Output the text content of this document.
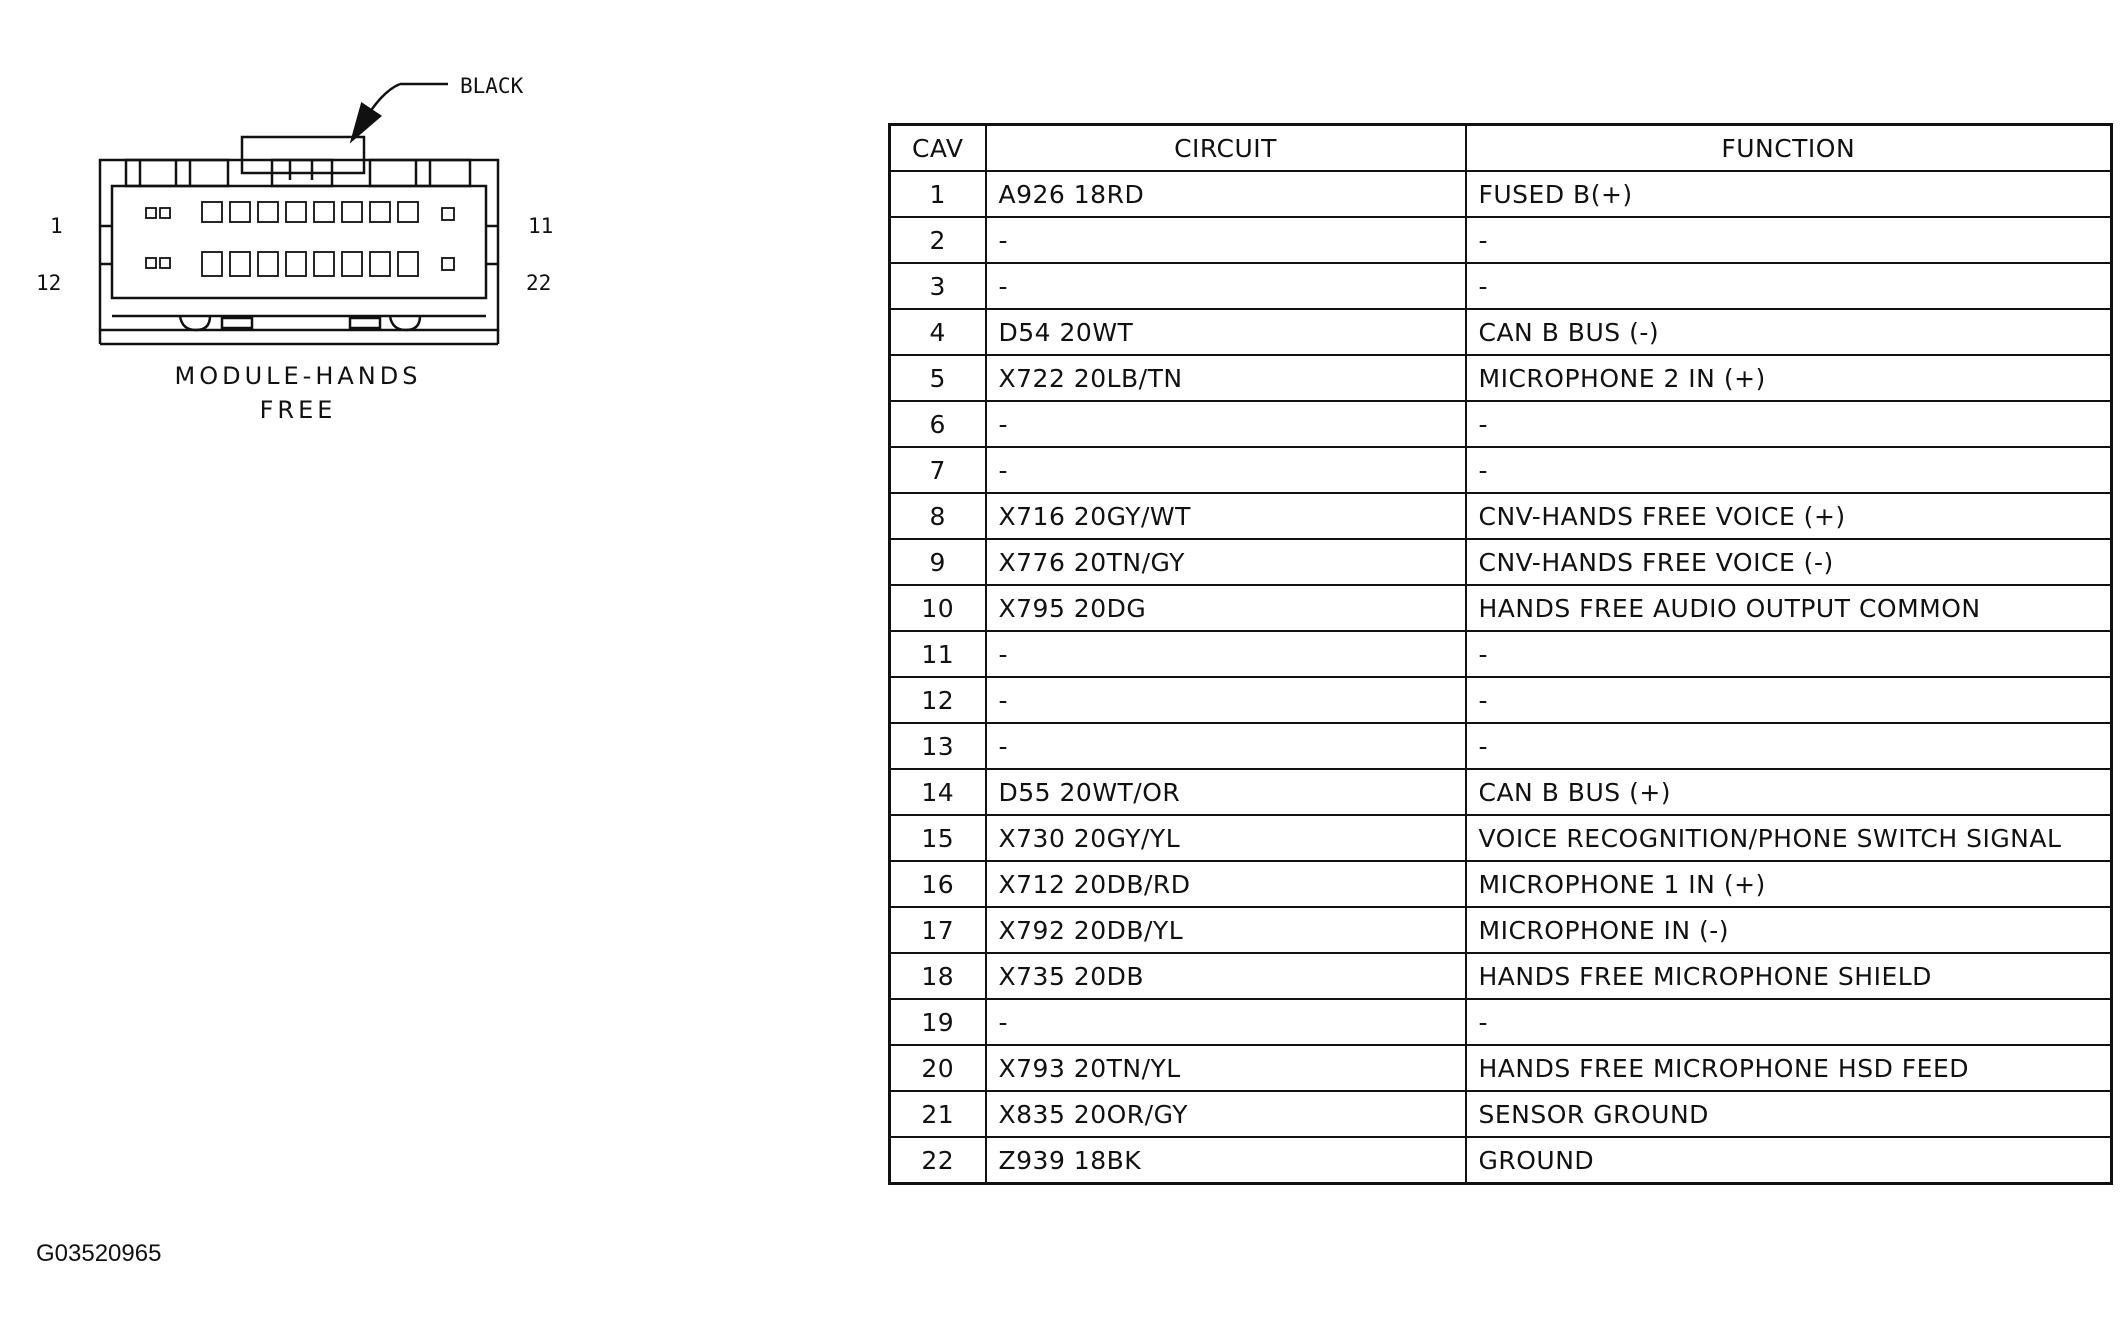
BLACK
1	11
12	22
MODULE-HANDS
FREE
CAV	CIRCUIT	FUNCTION
1	A926 18RD	FUSED B(+)
2	-	-
3	-	-
4	D54 20WT	CAN B BUS (-)
5	X722 20LB/TN	MICROPHONE 2 IN (+)
6	-	-
7	-	-
8	X716 20GY/WT	CNV-HANDS FREE VOICE (+)
9	X776 20TN/GY	CNV-HANDS FREE VOICE (-)
10	X795 20DG	HANDS FREE AUDIO OUTPUT COMMON
11	-	-
12	-	-
13	-	-
14	D55 20WT/OR	CAN B BUS (+)
15	X730 20GY/YL	VOICE RECOGNITION/PHONE SWITCH SIGNAL
16	X712 20DB/RD	MICROPHONE 1 IN (+)
17	X792 20DB/YL	MICROPHONE IN (-)
18	X735 20DB	HANDS FREE MICROPHONE SHIELD
19	-	-
20	X793 20TN/YL	HANDS FREE MICROPHONE HSD FEED
21	X835 20OR/GY	SENSOR GROUND
22	Z939 18BK	GROUND
G03520965
